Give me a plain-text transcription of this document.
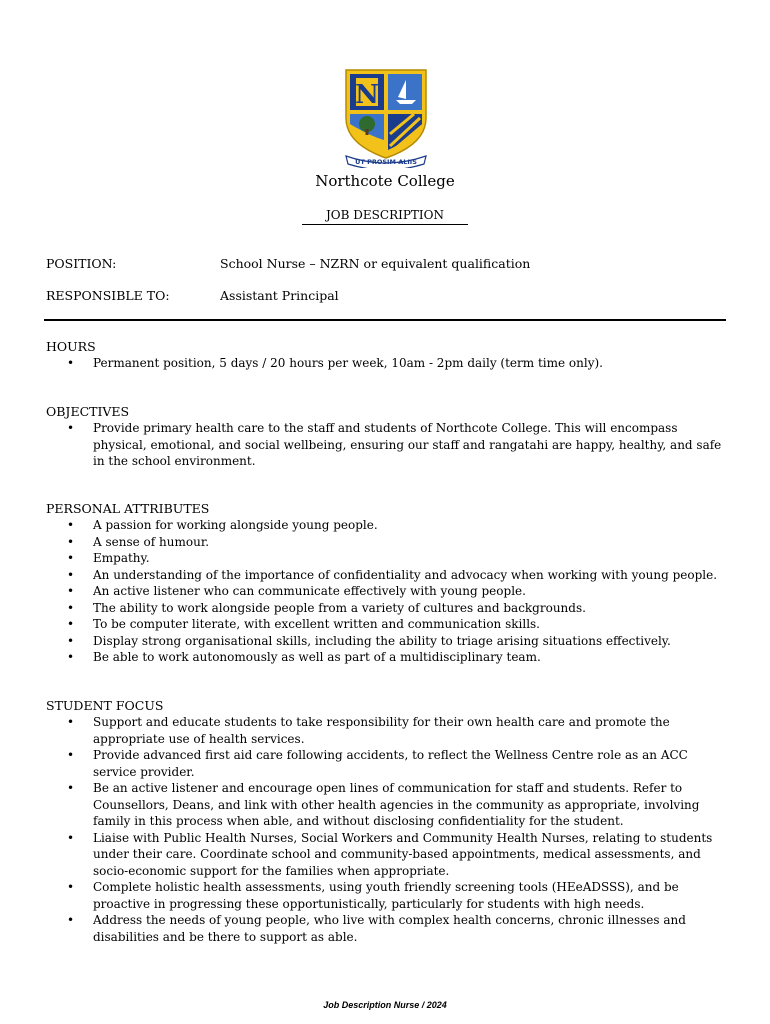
N
UT PROSIM ALIIS
Northcote College
JOB DESCRIPTION
POSITION:	School Nurse – NZRN or equivalent qualification
RESPONSIBLE TO:	Assistant Principal
HOURS
• Permanent position, 5 days / 20 hours per week, 10am - 2pm daily (term time only).
OBJECTIVES
• Provide primary health care to the staff and students of Northcote College. This will encompass physical, emotional, and social wellbeing, ensuring our staff and rangatahi are happy, healthy, and safe in the school environment.
PERSONAL ATTRIBUTES
• A passion for working alongside young people.
• A sense of humour.
• Empathy.
• An understanding of the importance of confidentiality and advocacy when working with young people.
• An active listener who can communicate effectively with young people.
• The ability to work alongside people from a variety of cultures and backgrounds.
• To be computer literate, with excellent written and communication skills.
• Display strong organisational skills, including the ability to triage arising situations effectively.
• Be able to work autonomously as well as part of a multidisciplinary team.
STUDENT FOCUS
• Support and educate students to take responsibility for their own health care and promote the appropriate use of health services.
• Provide advanced first aid care following accidents, to reflect the Wellness Centre role as an ACC service provider.
• Be an active listener and encourage open lines of communication for staff and students. Refer to Counsellors, Deans, and link with other health agencies in the community as appropriate, involving family in this process when able, and without disclosing confidentiality for the student.
• Liaise with Public Health Nurses, Social Workers and Community Health Nurses, relating to students under their care. Coordinate school and community-based appointments, medical assessments, and socio-economic support for the families when appropriate.
• Complete holistic health assessments, using youth friendly screening tools (HEeADSSS), and be proactive in progressing these opportunistically, particularly for students with high needs.
• Address the needs of young people, who live with complex health concerns, chronic illnesses and disabilities and be there to support as able.
Job Description Nurse / 2024
